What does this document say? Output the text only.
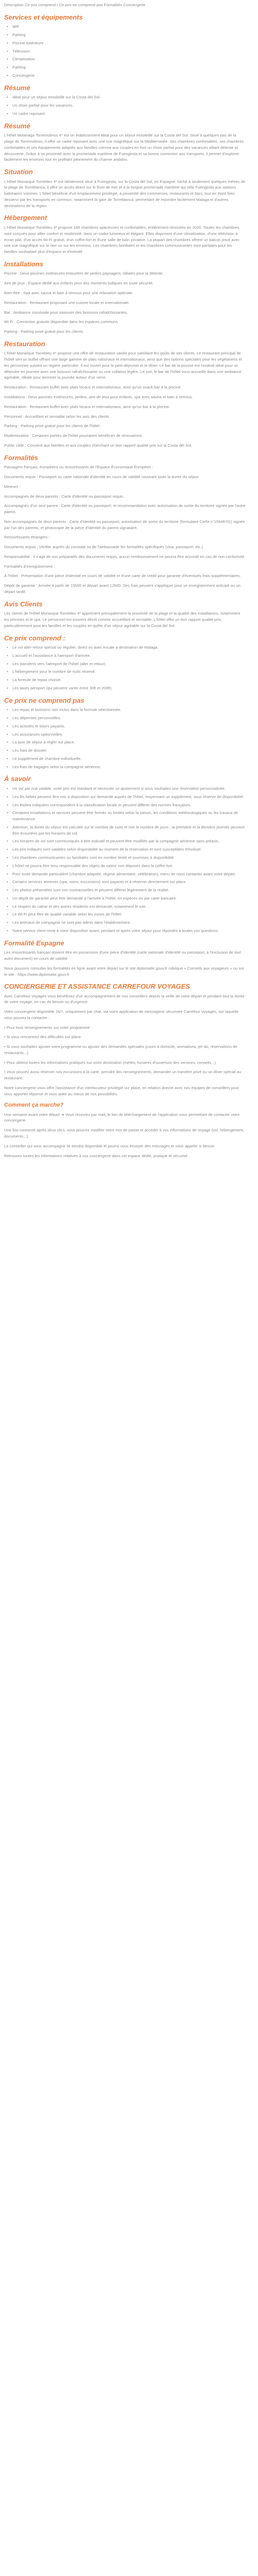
Description Ce prix comprend / Ce prix ne comprend pas Formalités Conciergerie

Services et équipements
• Wifi
• Parking
• Piscine extérieure
• Télévision
• Climatisation
• Parking
• Conciergerie
Résumé
• Idéal pour un séjour ensoleillé sur la Costa del Sol.
• Un choix parfait pour les vacances.
• Un cadre reposant.
Résumé

L'Hôtel Molanaga Torremolinos 4* est un établissement idéal pour un séjour ensoleillé sur la Costa del Sol. Situé à quelques pas de la plage de Torremolinos, il offre un cadre reposant avec une vue magnifique sur la Méditerranée. Ses chambres confortables, ses chambres confortables et ses équipements adaptés aux familles comme aux couples en font un choix parfait pour des vacances alliant détente et découverte. Grâce à sa proximité avec la promenade maritime de Fuengirola et sa bonne connexion aux transports, il permet d'explorer facilement les environs tout en profitant pleinement du charme andalou.

Situation

L'Hôtel Monarque Torrebleu 4* est idéalement situé à Fuengirola, sur la Costa del Sol, en Espagne. Niché à seulement quelques mètres de la plage de Torreblanca, il offre un accès direct sur le front de mer et à la longue promenade maritime qui relie Fuengirola aux stations balnéaires voisines. L'hôtel bénéficie d'un emplacement privilégié, à proximité des commerces, restaurants et bars, tout en étant bien desservi par les transports en commun, notamment la gare de Torreblanca, permettant de rejoindre facilement Malaga et d'autres destinations de la région.

Hébergement

L'Hôtel Monarque Torrebleu 4* propose 189 chambres spacieuses et confortables, entièrement rénovées en 2020. Toutes les chambres sont conçues pour allier confort et modernité, dans un cadre lumineux et élégant. Elles disposent d'une climatisation, d'une télévision à écran plat, d'un accès Wi-Fi gratuit, d'un coffre-fort et d'une salle de bain privative. La plupart des chambres offrent un balcon privé avec une vue magnifique sur la mer ou sur les environs. Les chambres familiales et les chambres communicantes sont parfaites pour les familles souhaitant plus d'espace et d'intimité.

Installations

Piscine : Deux piscines extérieures entourées de jardins paysagers, idéales pour la détente.

Aire de jeux : Espace dédié aux enfants pour des moments ludiques en toute sécurité.

Bien-être : Spa avec sauna et bain à remous pour une relaxation optimale.

Restauration : Restaurant proposant une cuisine locale et internationale.

Bar : Ambiance conviviale pour savourer des boissons rafraîchissantes.

Wi-Fi : Connexion gratuite disponible dans les espaces communs.

Parking : Parking privé gratuit pour les clients.

Restauration

L'hôtel Monarque Torrebleu 4* propose une offre de restauration variée pour satisfaire les goûts de ses clients. Le restaurant principal de l'hôtel sert un buffet offrant une large gamme de plats nationaux et internationaux, ainsi que des options spéciales pour les végétariens et les personnes suivant un régime particulier. Il est ouvert pour le petit-déjeuner et le dîner. Le bar de la piscine est l'endroit idéal pour se détendre en journée avec une boisson rafraîchissante ou une collation légère. Le soir, le bar de l'hôtel vous accueille dans une ambiance agréable, idéale pour terminer la journée autour d'un verre.

Restauration : Restaurant buffet avec plats locaux et internationaux, ainsi qu'un snack-bar à la piscine.

Installations : Deux piscines extérieures, jardins, aire de jeux pour enfants, spa avec sauna et bain à remous.

Restauration : Restaurant buffet avec plats locaux et internationaux, ainsi qu'un bar à la piscine.

Personnel : Accueillant et serviable selon les avis des clients.

Parking : Parking privé gratuit pour les clients de l'hôtel.

Modernisation : Certaines parties de l'hôtel pourraient bénéficier de rénovations.

Public cible : Convient aux familles et aux couples cherchant un bon rapport qualité-prix sur la Costa del Sol.

Formalités

Passagers français, européens ou ressortissants de l'Espace Économique Européen :

Documents requis : Passeport ou carte nationale d'identité en cours de validité couvrant toute la durée du séjour.

Mineurs :

Accompagnés de deux parents : Carte d'identité ou passeport requis.

Accompagnés d'un seul parent : Carte d'identité ou passeport, et recommandation avec autorisation de sortie du territoire signée par l'autre parent.

Non accompagnés de deux parents : Carte d'identité ou passeport, autorisation de sortie du territoire (formulaire Cerfa n°15646*01) signée par l'un des parents, et photocopie de la pièce d'identité du parent signataire.

Ressortissants étrangers :

Documents requis : Vérifier auprès du consulat ou de l'ambassade les formalités spécifiques (visa, passeport, etc.).

Responsabilité : Il s'agit de vos préparatifs des documents requis, aucun remboursement ne pourra être accordé en cas de non-conformité.

Formalités d'enregistrement :

À l'hôtel : Présentation d'une pièce d'identité en cours de validité et d'une carte de crédit pour garantie d'éventuels frais supplémentaires.

Dépôt de garantie : Arrivée à partir de 15h00 et départ avant 12h00. Des frais peuvent s'appliquer pour un enregistrement anticipé ou un départ tardif.

Avis Clients

Les clients de l'Hôtel Monarque Torrebleu 4* apprécient principalement la proximité de la plage et la qualité des installations, notamment les piscines et le spa. Le personnel est souvent décrit comme accueillant et serviable. L'hôtel offre un bon rapport qualité-prix, particulièrement pour les familles et les couples en quête d'un séjour agréable sur la Costa del Sol.

Ce prix comprend :
• Le vol aller-retour spécial ou régulier, direct ou avec escale à destination de Malaga.
• L'accueil et l'assistance à l'aéroport d'arrivée.
• Les transferts vers l'aéroport de l'hôtel (aller et retour).
• L'hébergement pour le nombre de nuits réservé.
• La formule de repas choisie.
• Les taxes aéroport (qui peuvent varier entre 30€ et 200€).
Ce prix ne comprend pas
• Les repas et boissons non inclus dans la formule sélectionnée.
• Les dépenses personnelles.
• Les activités et loisirs payants.
• Les assurances optionnelles.
• La taxe de séjour à régler sur place.
• Les frais de dossier.
• Le supplément de chambre individuelle.
• Les frais de bagages selon la compagnie aérienne.
À savoir
• Un vol par nuit valable, votre prix est standard et nécessite un ajustement si vous souhaitez une réservation personnalisée.
• Les lits bébés peuvent être mis à disposition sur demande auprès de l'hôtel, moyennant un supplément, sous réserve de disponibilité.
• Les étoiles indiquées correspondent à la classification locale et peuvent différer des normes françaises.
• Certaines installations et services peuvent être fermés ou limités selon la saison, les conditions météorologiques ou les travaux de maintenance.
• Attention, la durée du séjour est calculée sur le nombre de nuits et non le nombre de jours ; la première et la dernière journée peuvent être écourtées par les horaires de vol.
• Les horaires de vol sont communiqués à titre indicatif et peuvent être modifiés par la compagnie aérienne sans préavis.
• Les prix indiqués sont valables selon disponibilité au moment de la réservation et sont susceptibles d'évoluer.
• Les chambres communicantes ou familiales sont en nombre limité et soumises à disponibilité.
• L'hôtel ne pourra être tenu responsable des objets de valeur non déposés dans le coffre-fort.
• Pour toute demande particulière (chambre adaptée, régime alimentaire, célébration), merci de nous contacter avant votre départ.
• Certains services annexes (spa, soins, excursions) sont payants et à réserver directement sur place.
• Les photos présentées sont non contractuelles et peuvent différer légèrement de la réalité.
• Un dépôt de garantie peut être demandé à l'arrivée à l'hôtel, en espèces ou par carte bancaire.
• Le respect du calme et des autres résidents est demandé, notamment le soir.
• Le Wi-Fi peut être de qualité variable selon les zones de l'hôtel.
• Les animaux de compagnie ne sont pas admis dans l'établissement.
• Notre service client reste à votre disposition avant, pendant et après votre séjour pour répondre à toutes vos questions.
Formalité Espagne

Les ressortissants français doivent être en possession d'une pièce d'identité (carte nationale d'identité ou passeport, à l'exclusion de tout autre document) en cours de validité.

Nous pouvons consulter les formalités en ligne avant votre départ sur le site diplomatie.gouv.fr rubrique « Conseils aux voyageurs » ou sur le site : https://www.diplomatie.gouv.fr

CONCIERGERIE ET ASSISTANCE CARREFOUR VOYAGES

Avec Carrefour Voyages vous bénéficiez d'un accompagnement de nos conseillers depuis la veille de votre départ et pendant tout la durée de votre voyage, en cas de besoin ou d'urgence.

Votre conciergerie disponible 24/7, uniquement par chat, via votre application de messagerie sécurisée Carrefour Voyages, sur laquelle vous pouvez la contacter :

• Pour tous renseignements sur votre programme

• Si vous rencontrez des difficultés sur place

• Si vous souhaitez ajouter votre programme ou ajouter des demandes spéciales (cours à domicile, animations, jet-ski, réservations de restaurants...)

• Pour obtenir toutes les informations pratiques sur votre destination (météo, horaires d'ouverture des services, conseils...)

• Vous pouvez aussi réserver nos excursions à la carte, prendre des renseignements, demander un transfert privé ou un dîner spécial au restaurant.

Notre conciergerie vous offre l'assistance d'un interlocuteur privilégié sur place, en relation directe avec nos équipes de conseillers pour vous apporter réponse et vous aider au mieux de nos possibilités.

Comment ça marche?

Une semaine avant votre départ ➜ Vous recevrez par mail, le lien de téléchargement de l'application vous permettant de contacter votre conciergerie.

Une fois connecté après deux clics, vous pourrez modifier votre mot de passe et accéder à vos informations de voyage (vol, hébergement, documents...).

Le conseiller qui vous accompagne se tiendra disponible et pourra vous envoyer des messages et vous appeler si besoin.

Retrouvez toutes les informations relatives à vos conciergerie dans cet espace dédié, pratique et sécurisé.
